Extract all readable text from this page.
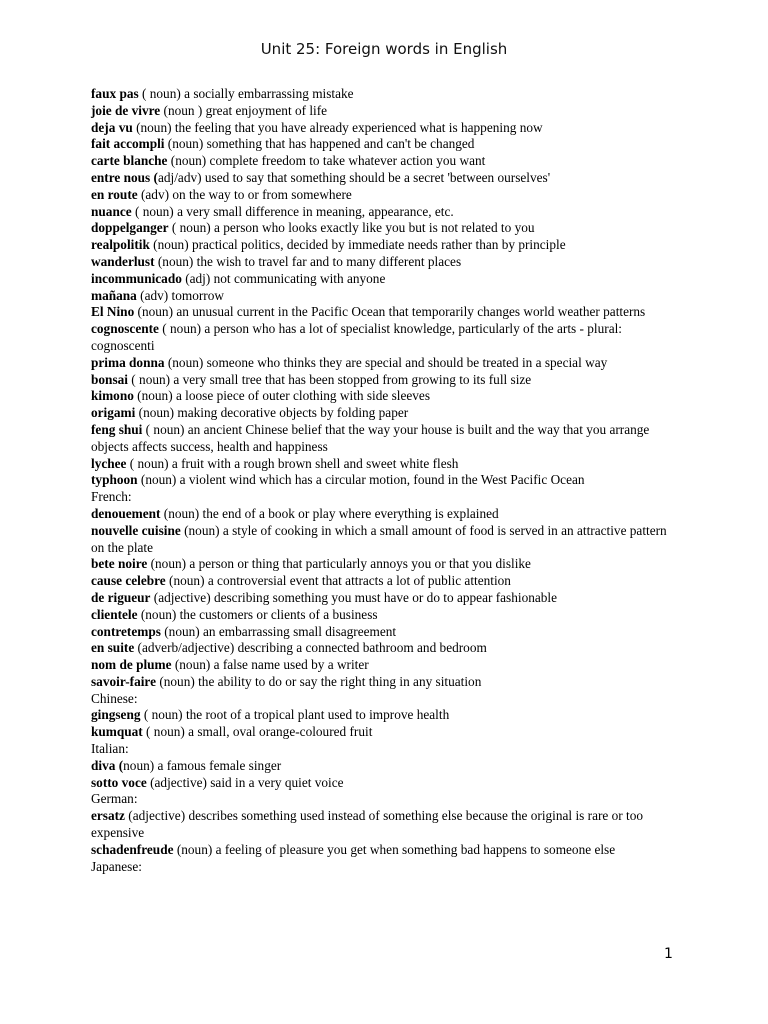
Unit 25: Foreign words in English
faux pas ( noun) a socially embarrassing mistake
joie de vivre (noun ) great enjoyment of life
deja vu (noun) the feeling that you have already experienced what is happening now
fait accompli (noun) something that has happened and can't be changed
carte blanche (noun) complete freedom to take whatever action you want
entre nous (adj/adv) used to say that something should be a secret 'between ourselves'
en route (adv) on the way to or from somewhere
nuance ( noun) a very small difference in meaning, appearance, etc.
doppelganger ( noun) a person who looks exactly like you but is not related to you
realpolitik (noun) practical politics, decided by immediate needs rather than by principle
wanderlust (noun) the wish to travel far and to many different places
incommunicado (adj) not communicating with anyone
mañana (adv) tomorrow
El Nino (noun) an unusual current in the Pacific Ocean that temporarily changes world weather patterns
cognoscente ( noun) a person who has a lot of specialist knowledge, particularly of the arts - plural: cognoscenti
prima donna (noun) someone who thinks they are special and should be treated in a special way
bonsai ( noun) a very small tree that has been stopped from growing to its full size
kimono (noun) a loose piece of outer clothing with side sleeves
origami (noun) making decorative objects by folding paper
feng shui ( noun) an ancient Chinese belief that the way your house is built and the way that you arrange objects affects success, health and happiness
lychee ( noun) a fruit with a rough brown shell and sweet white flesh
typhoon (noun) a violent wind which has a circular motion, found in the West Pacific Ocean
French:
denouement (noun) the end of a book or play where everything is explained
nouvelle cuisine (noun) a style of cooking in which a small amount of food is served in an attractive pattern on the plate
bete noire (noun) a person or thing that particularly annoys you or that you dislike
cause celebre (noun) a controversial event that attracts a lot of public attention
de rigueur (adjective) describing something you must have or do to appear fashionable
clientele (noun) the customers or clients of a business
contretemps (noun) an embarrassing small disagreement
en suite (adverb/adjective) describing a connected bathroom and bedroom
nom de plume (noun) a false name used by a writer
savoir-faire (noun) the ability to do or say the right thing in any situation
Chinese:
gingseng ( noun) the root of a tropical plant used to improve health
kumquat ( noun) a small, oval orange-coloured fruit
Italian:
diva (noun) a famous female singer
sotto voce (adjective) said in a very quiet voice
German:
ersatz (adjective) describes something used instead of something else because the original is rare or too expensive
schadenfreude (noun) a feeling of pleasure you get when something bad happens to someone else
Japanese:
1
